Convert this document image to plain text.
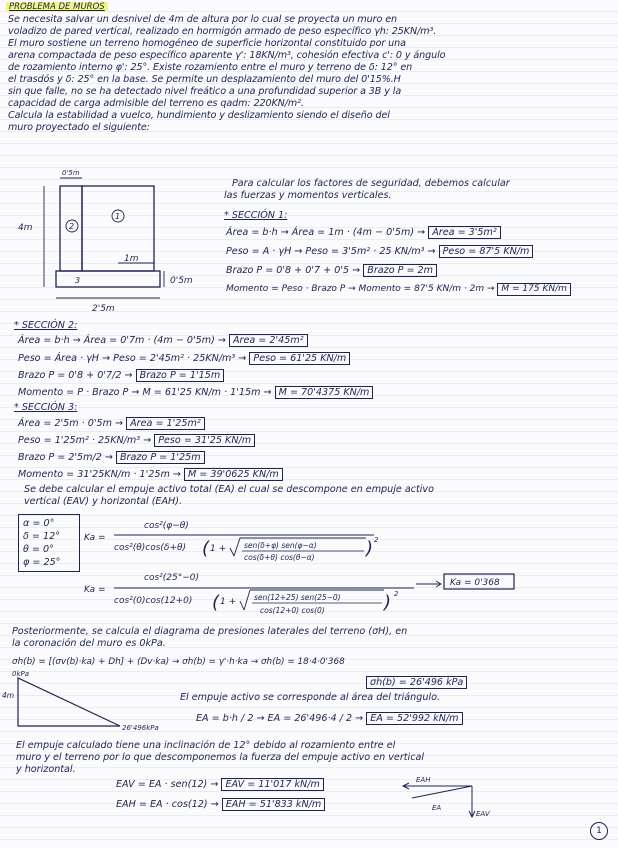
PROBLEMA DE MUROS
Se necesita salvar un desnivel de 4m de altura por lo cual se proyecta un muro en
voladizo de pared vertical, realizado en hormigón armado de peso específico γh: 25KN/m³.
El muro sostiene un terreno homogéneo de superficie horizontal constituido por una
arena compactada de peso específico aparente γ': 18KN/m³, cohesión efectiva c': 0 y ángulo
de rozamiento interno φ': 25°. Existe rozamiento entre el muro y terreno de δ: 12° en
el trasdós y δ: 25° en la base. Se permite un desplazamiento del muro del 0'15%.H
sin que falle, no se ha detectado nivel freático a una profundidad superior a 3B y la
capacidad de carga admisible del terreno es qadm: 220KN/m².
Calcula la estabilidad a vuelco, hundimiento y deslizamiento siendo el diseño del
muro proyectado el siguiente:
0'5m
4m	2
1
1m
0'5m
2'5m
3
Para calcular los factores de seguridad, debemos calcular
las fuerzas y momentos verticales.
* SECCIÓN 1:
Área = b·h → Área = 1m · (4m − 0'5m) → Área = 3'5m²
Peso = A · γH → Peso = 3'5m² · 25 KN/m³ → Peso = 87'5 KN/m
Brazo P = 0'8 + 0'7 + 0'5 → Brazo P = 2m
Momento = Peso · Brazo P → Momento = 87'5 KN/m · 2m → M = 175 KN/m
* SECCIÓN 2:
Área = b·h → Área = 0'7m · (4m − 0'5m) → Área = 2'45m²
Peso = Área · γH → Peso = 2'45m² · 25KN/m³ → Peso = 61'25 KN/m
Brazo P = 0'8 + 0'7/2 → Brazo P = 1'15m
Momento = P · Brazo P → M = 61'25 KN/m · 1'15m → M = 70'4375 KN/m
* SECCIÓN 3:
Área = 2'5m · 0'5m → Área = 1'25m²
Peso = 1'25m² · 25KN/m³ → Peso = 31'25 KN/m
Brazo P = 2'5m/2 → Brazo P = 1'25m
Momento = 31'25KN/m · 1'25m → M = 39'0625 KN/m
Se debe calcular el empuje activo total (EA) el cual se descompone en empuje activo
vertical (EAV) y horizontal (EAH).
α = 0°
δ = 12°
θ = 0°
φ = 25°
Ka =
cos²(φ−θ)
cos²(θ)cos(δ+θ) ( 1 + sen(δ+φ) sen(φ−α)
cos(δ+θ) cos(θ−α)	) 2
Ka =
cos²(25°−0)
cos²(0)cos(12+0) ( 1 + sen(12+25) sen(25−0)
cos(12+0) cos(0)	) 2
Ka = 0'368
Posteriormente, se calcula el diagrama de presiones laterales del terreno (σH), en
la coronación del muro es 0kPa.
σh(b) = [(σv(b)·ka) + Dh] + (Dv·ka) → σh(b) = γ'·h·ka → σh(b) = 18·4·0'368
0kPa
4m
26'496kPa
σh(b) = 26'496 kPa
El empuje activo se corresponde al área del triángulo.
EA = b·h / 2 → EA = 26'496·4 / 2 → EA = 52'992 kN/m
El empuje calculado tiene una inclinación de 12° debido al rozamiento entre el
muro y el terreno por lo que descomponemos la fuerza del empuje activo en vertical
y horizontal.
EAV = EA · sen(12) → EAV = 11'017 kN/m
EAH = EA · cos(12) → EAH = 51'833 kN/m
EAH
EA
EAV
1
